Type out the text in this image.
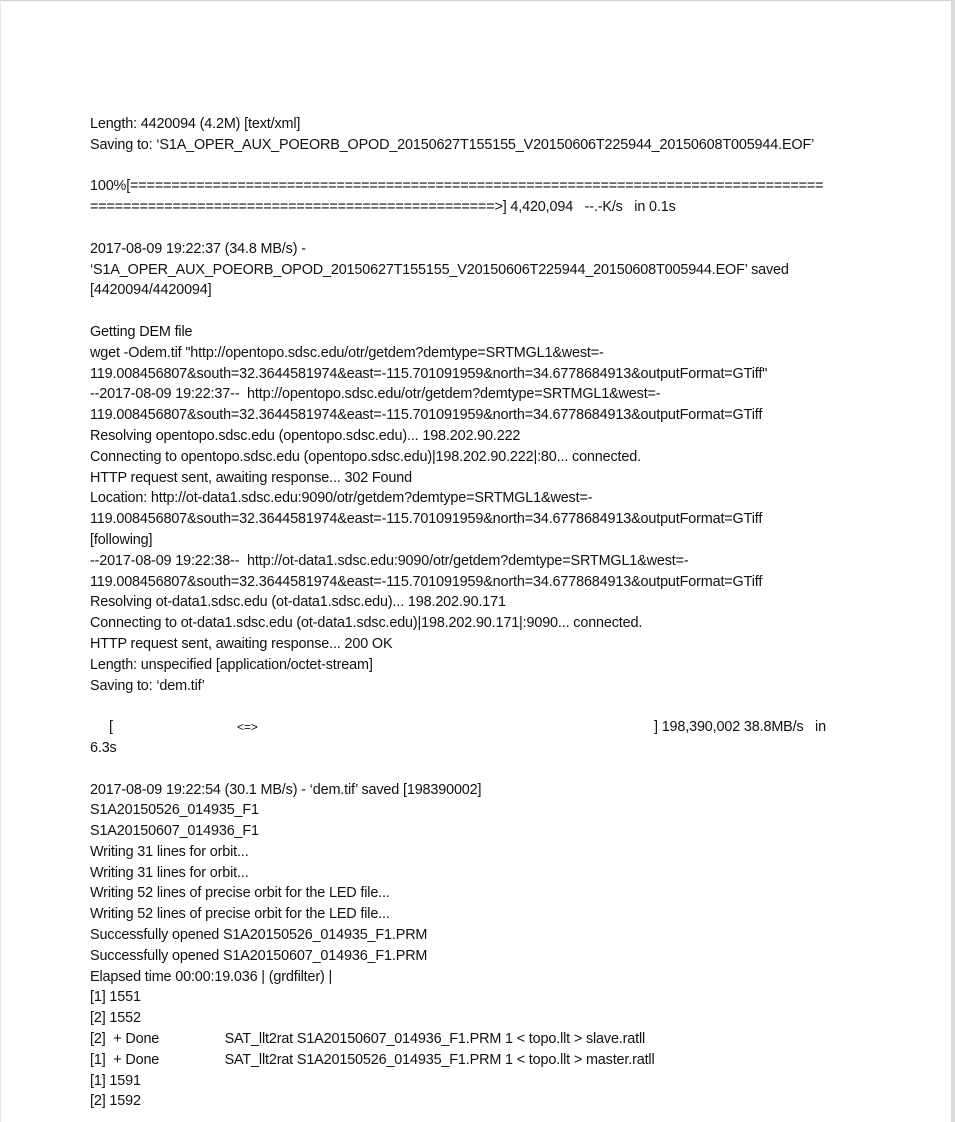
Length: 4420094 (4.2M) [text/xml]

Saving to: ‘S1A_OPER_AUX_POEORB_OPOD_20150627T155155_V20150606T225944_20150608T005944.EOF’

100%[====================================================================================

=================================================>] 4,420,094   --.-K/s   in 0.1s

2017-08-09 19:22:37 (34.8 MB/s) -

‘S1A_OPER_AUX_POEORB_OPOD_20150627T155155_V20150606T225944_20150608T005944.EOF’ saved

[4420094/4420094]

Getting DEM file

wget -Odem.tif "http://opentopo.sdsc.edu/otr/getdem?demtype=SRTMGL1&west=-

119.008456807&south=32.3644581974&east=-115.701091959&north=34.6778684913&outputFormat=GTiff"

--2017-08-09 19:22:37--  http://opentopo.sdsc.edu/otr/getdem?demtype=SRTMGL1&west=-

119.008456807&south=32.3644581974&east=-115.701091959&north=34.6778684913&outputFormat=GTiff

Resolving opentopo.sdsc.edu (opentopo.sdsc.edu)... 198.202.90.222

Connecting to opentopo.sdsc.edu (opentopo.sdsc.edu)|198.202.90.222|:80... connected.

HTTP request sent, awaiting response... 302 Found

Location: http://ot-data1.sdsc.edu:9090/otr/getdem?demtype=SRTMGL1&west=-

119.008456807&south=32.3644581974&east=-115.701091959&north=34.6778684913&outputFormat=GTiff

[following]

--2017-08-09 19:22:38--  http://ot-data1.sdsc.edu:9090/otr/getdem?demtype=SRTMGL1&west=-

119.008456807&south=32.3644581974&east=-115.701091959&north=34.6778684913&outputFormat=GTiff

Resolving ot-data1.sdsc.edu (ot-data1.sdsc.edu)... 198.202.90.171

Connecting to ot-data1.sdsc.edu (ot-data1.sdsc.edu)|198.202.90.171|:9090... connected.

HTTP request sent, awaiting response... 200 OK

Length: unspecified [application/octet-stream]

Saving to: ‘dem.tif’

[	<=>	] 198,390,002 38.8MB/s   in

6.3s

2017-08-09 19:22:54 (30.1 MB/s) - ‘dem.tif’ saved [198390002]

S1A20150526_014935_F1

S1A20150607_014936_F1

Writing 31 lines for orbit...

Writing 31 lines for orbit...

Writing 52 lines of precise orbit for the LED file...

Writing 52 lines of precise orbit for the LED file...

Successfully opened S1A20150526_014935_F1.PRM

Successfully opened S1A20150607_014936_F1.PRM

Elapsed time 00:00:19.036 | (grdfilter) |

[1] 1551

[2] 1552

[2]  + Done                 SAT_llt2rat S1A20150607_014936_F1.PRM 1 < topo.llt > slave.ratll

[1]  + Done                 SAT_llt2rat S1A20150526_014935_F1.PRM 1 < topo.llt > master.ratll

[1] 1591

[2] 1592
